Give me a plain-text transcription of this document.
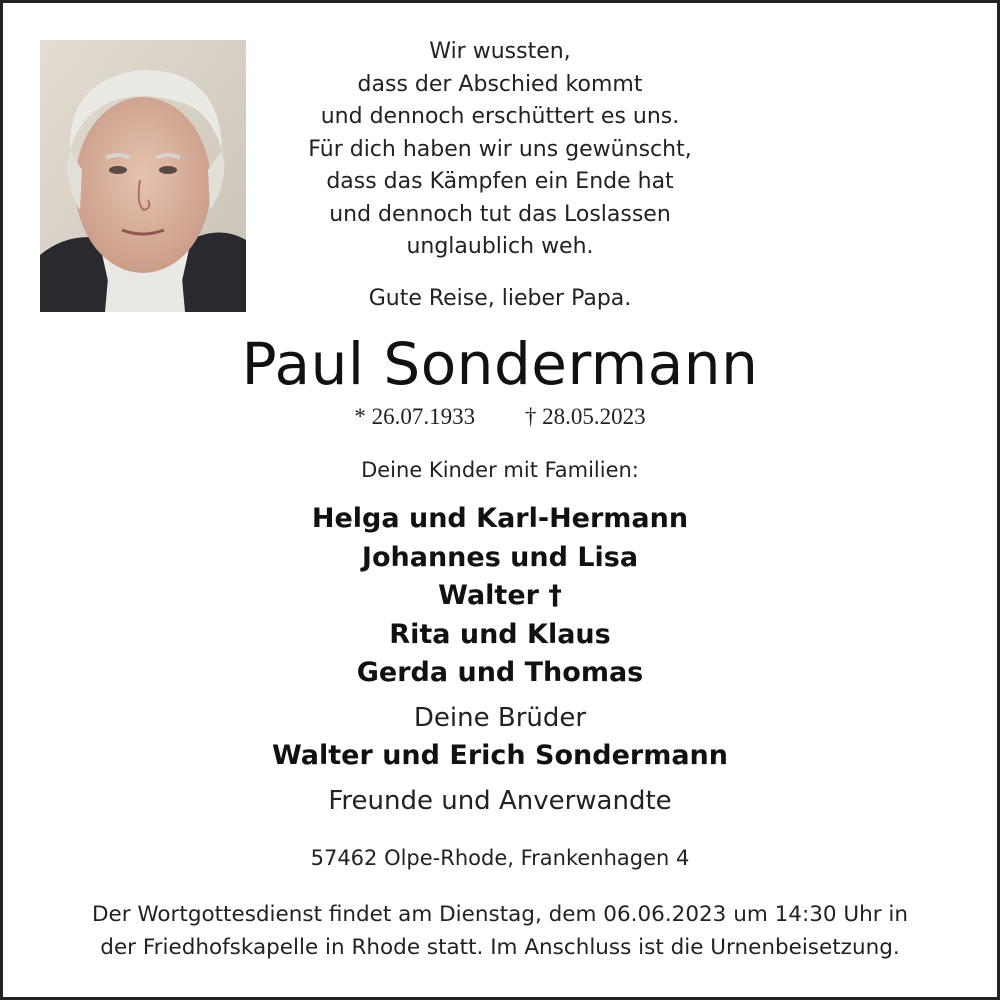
Wir wussten,
dass der Abschied kommt
und dennoch erschüttert es uns.
Für dich haben wir uns gewünscht,
dass das Kämpfen ein Ende hat
und dennoch tut das Loslassen
unglaublich weh.
Gute Reise, lieber Papa.
Paul Sondermann
* 26.07.1933 † 28.05.2023
Deine Kinder mit Familien:
Helga und Karl-Hermann
Johannes und Lisa
Walter †
Rita und Klaus
Gerda und Thomas
Deine Brüder
Walter und Erich Sondermann
Freunde und Anverwandte
57462 Olpe-Rhode, Frankenhagen 4
Der Wortgottesdienst findet am Dienstag, dem 06.06.2023 um 14:30 Uhr in
der Friedhofskapelle in Rhode statt. Im Anschluss ist die Urnenbeisetzung.
